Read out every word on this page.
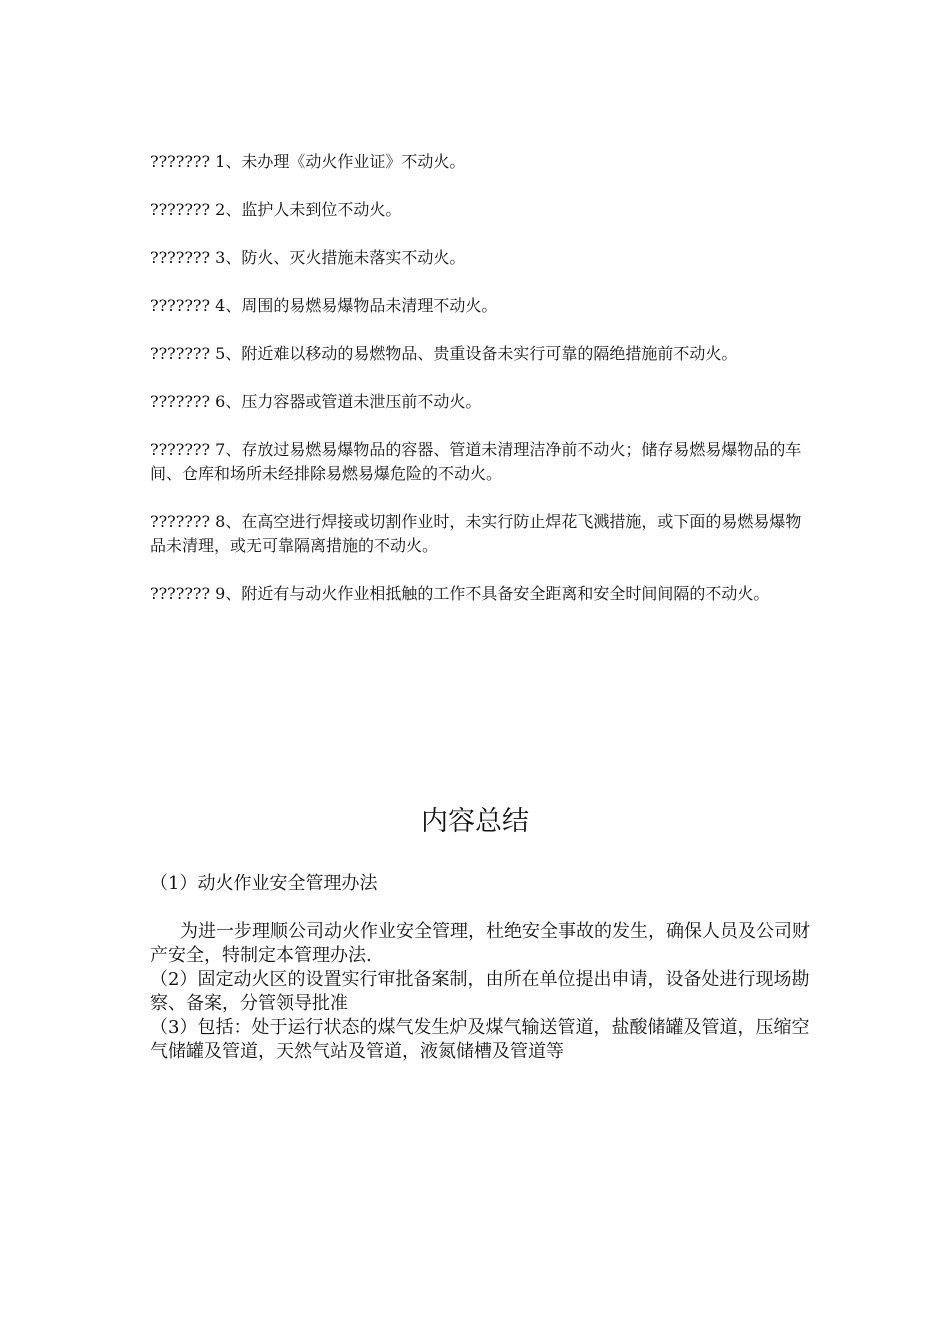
??????? 1、未办理《动火作业证》不动火。

??????? 2、监护人未到位不动火。

??????? 3、防火、灭火措施未落实不动火。

??????? 4、周围的易燃易爆物品未清理不动火。

??????? 5、附近难以移动的易燃物品、贵重设备未实行可靠的隔绝措施前不动火。

??????? 6、压力容器或管道未泄压前不动火。

??????? 7、存放过易燃易爆物品的容器、管道未清理洁净前不动火；储存易燃易爆物品的车间、仓库和场所未经排除易燃易爆危险的不动火。

??????? 8、在高空进行焊接或切割作业时，未实行防止焊花飞溅措施，或下面的易燃易爆物品未清理，或无可靠隔离措施的不动火。

??????? 9、附近有与动火作业相抵触的工作不具备安全距离和安全时间间隔的不动火。

内容总结

（1）动火作业安全管理办法

为进一步理顺公司动火作业安全管理，杜绝安全事故的发生，确保人员及公司财产安全，特制定本管理办法.

（2）固定动火区的设置实行审批备案制，由所在单位提出申请，设备处进行现场勘察、备案，分管领导批准

（3）包括：处于运行状态的煤气发生炉及煤气输送管道，盐酸储罐及管道，压缩空气储罐及管道，天然气站及管道，液氮储槽及管道等
